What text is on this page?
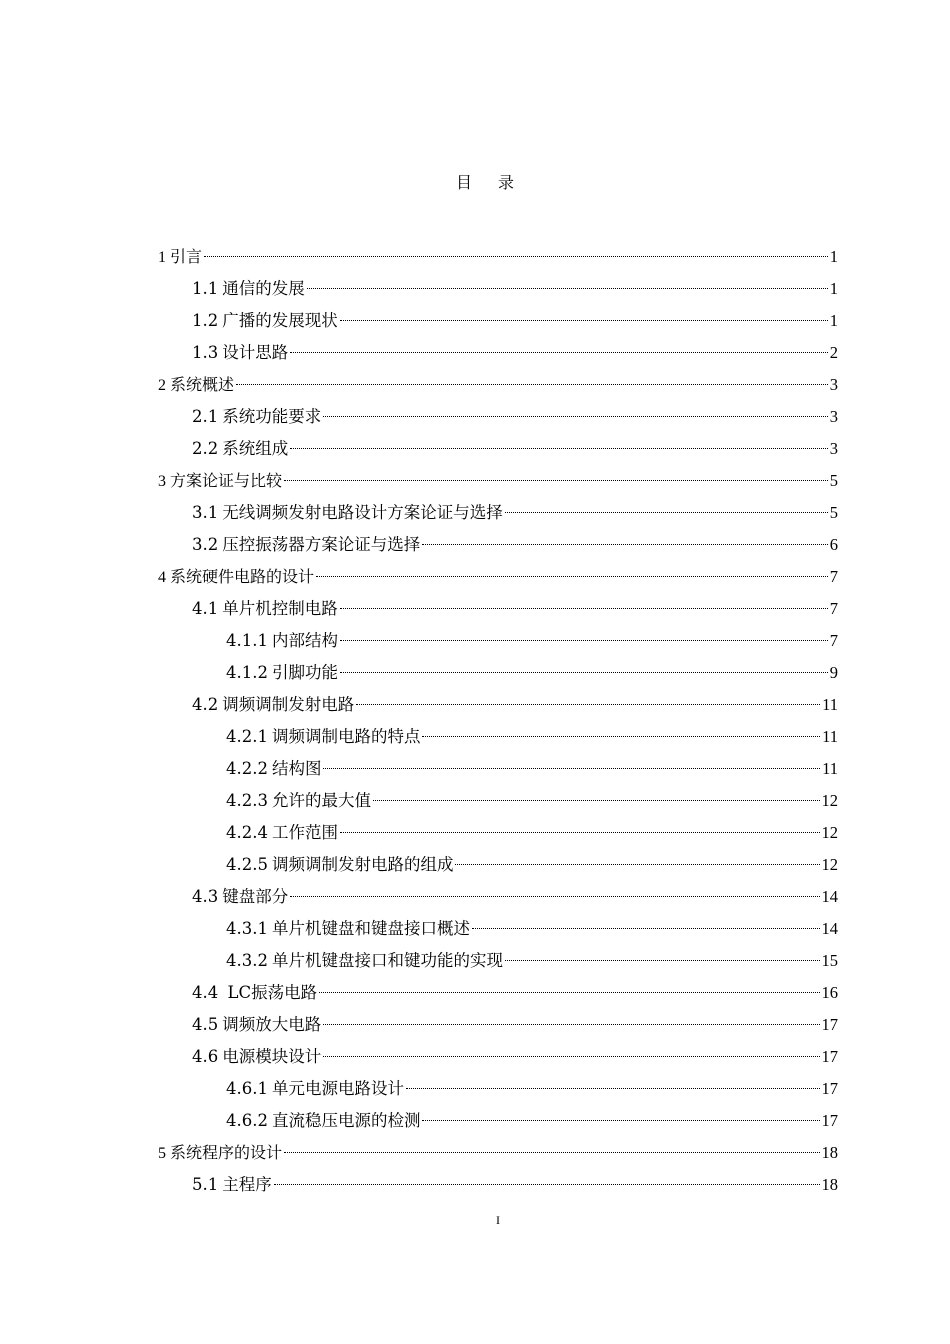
目录
1 引言	1
1.1 通信的发展	1
1.2 广播的发展现状	1
1.3 设计思路	2
2 系统概述	3
2.1 系统功能要求	3
2.2 系统组成	3
3 方案论证与比较	5
3.1 无线调频发射电路设计方案论证与选择	5
3.2 压控振荡器方案论证与选择	6
4 系统硬件电路的设计	7
4.1 单片机控制电路	7
4.1.1 内部结构	7
4.1.2 引脚功能	9
4.2 调频调制发射电路	11
4.2.1 调频调制电路的特点	11
4.2.2 结构图	11
4.2.3 允许的最大值	12
4.2.4 工作范围	12
4.2.5 调频调制发射电路的组成	12
4.3 键盘部分	14
4.3.1 单片机键盘和键盘接口概述	14
4.3.2 单片机键盘接口和键功能的实现	15
4.4 LC振荡电路	16
4.5 调频放大电路	17
4.6 电源模块设计	17
4.6.1 单元电源电路设计	17
4.6.2 直流稳压电源的检测	17
5 系统程序的设计	18
5.1 主程序	18
I
